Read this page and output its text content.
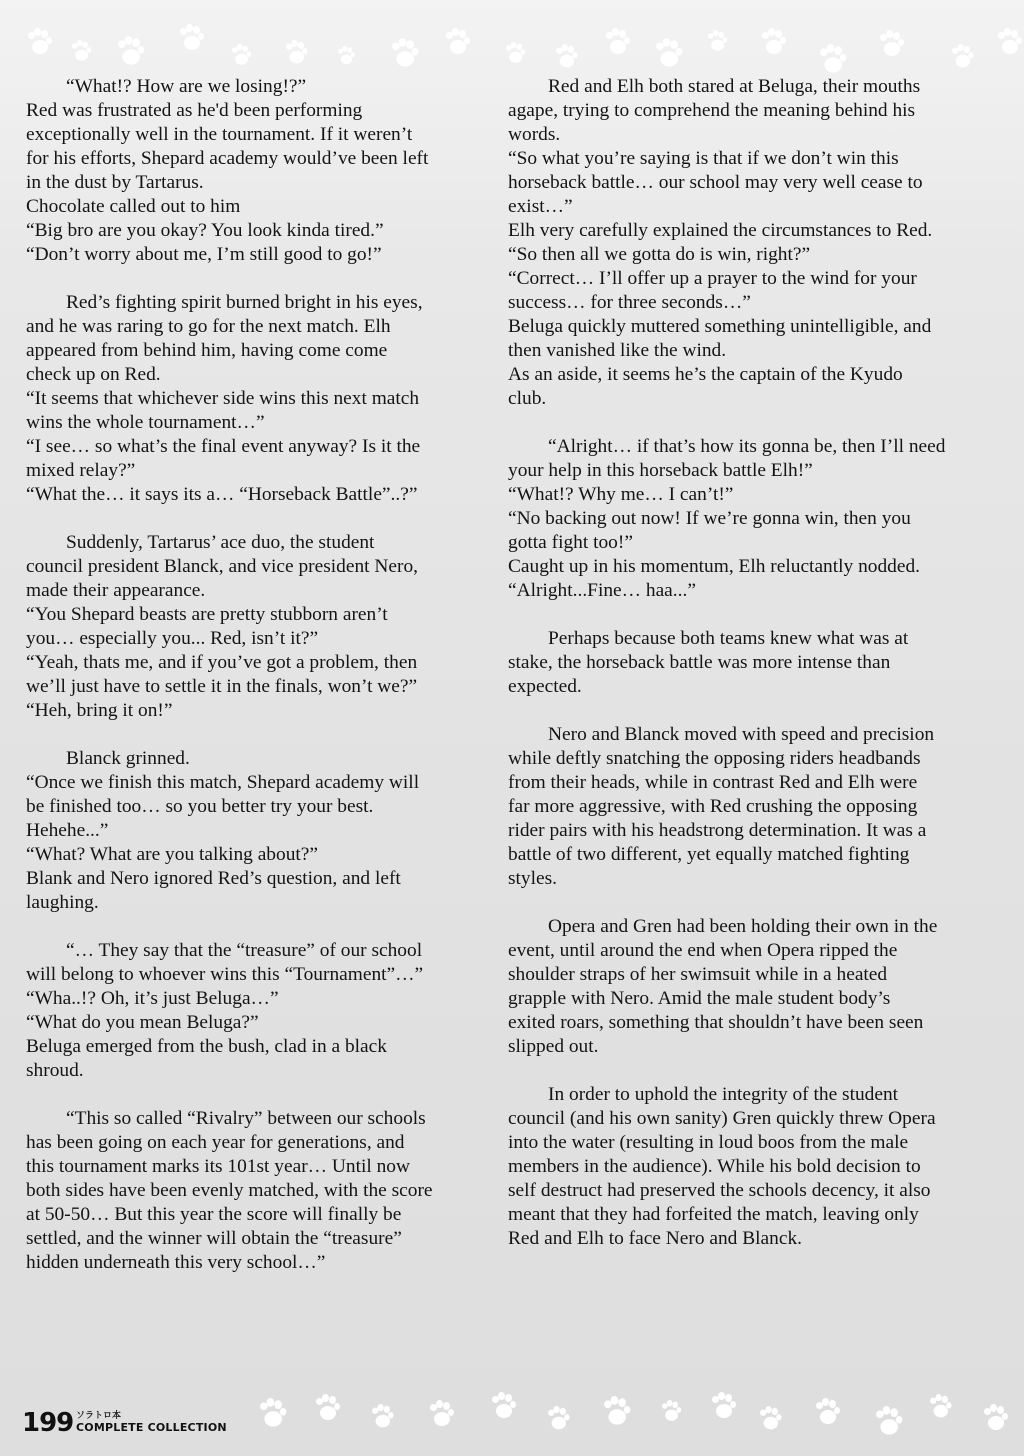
“What!? How are we losing!?”
Red was frustrated as he'd been performing
exceptionally well in the tournament. If it weren’t
for his efforts, Shepard academy would’ve been left
in the dust by Tartarus.
Chocolate called out to him
“Big bro are you okay? You look kinda tired.”
“Don’t worry about me, I’m still good to go!”
Red’s fighting spirit burned bright in his eyes,
and he was raring to go for the next match. Elh
appeared from behind him, having come come
check up on Red.
“It seems that whichever side wins this next match
wins the whole tournament…”
“I see… so what’s the final event anyway? Is it the
mixed relay?”
“What the… it says its a… “Horseback Battle”..?”
Suddenly, Tartarus’ ace duo, the student
council president Blanck, and vice president Nero,
made their appearance.
“You Shepard beasts are pretty stubborn aren’t
you… especially you... Red, isn’t it?”
“Yeah, thats me, and if you’ve got a problem, then
we’ll just have to settle it in the finals, won’t we?”
“Heh, bring it on!”
Blanck grinned.
“Once we finish this match, Shepard academy will
be finished too… so you better try your best.
Hehehe...”
“What? What are you talking about?”
Blank and Nero ignored Red’s question, and left
laughing.
“… They say that the “treasure” of our school
will belong to whoever wins this “Tournament”…”
“Wha..!? Oh, it’s just Beluga…”
“What do you mean Beluga?”
Beluga emerged from the bush, clad in a black
shroud.
“This so called “Rivalry” between our schools
has been going on each year for generations, and
this tournament marks its 101st year… Until now
both sides have been evenly matched, with the score
at 50-50… But this year the score will finally be
settled, and the winner will obtain the “treasure”
hidden underneath this very school…”
Red and Elh both stared at Beluga, their mouths
agape, trying to comprehend the meaning behind his
words.
“So what you’re saying is that if we don’t win this
horseback battle… our school may very well cease to
exist…”
Elh very carefully explained the circumstances to Red.
“So then all we gotta do is win, right?”
“Correct… I’ll offer up a prayer to the wind for your
success… for three seconds…”
Beluga quickly muttered something unintelligible, and
then vanished like the wind.
As an aside, it seems he’s the captain of the Kyudo
club.
“Alright… if that’s how its gonna be, then I’ll need
your help in this horseback battle Elh!”
“What!? Why me… I can’t!”
“No backing out now! If we’re gonna win, then you
gotta fight too!”
Caught up in his momentum, Elh reluctantly nodded.
“Alright...Fine… haa...”
Perhaps because both teams knew what was at
stake, the horseback battle was more intense than
expected.
Nero and Blanck moved with speed and precision
while deftly snatching the opposing riders headbands
from their heads, while in contrast Red and Elh were
far more aggressive, with Red crushing the opposing
rider pairs with his headstrong determination. It was a
battle of two different, yet equally matched fighting
styles.
Opera and Gren had been holding their own in the
event, until around the end when Opera ripped the
shoulder straps of her swimsuit while in a heated
grapple with Nero. Amid the male student body’s
exited roars, something that shouldn’t have been seen
slipped out.
In order to uphold the integrity of the student
council (and his own sanity) Gren quickly threw Opera
into the water (resulting in loud boos from the male
members in the audience). While his bold decision to
self destruct had preserved the schools decency, it also
meant that they had forfeited the match, leaving only
Red and Elh to face Nero and Blanck.
199 ソラトロ本
COMPLETE COLLECTION
